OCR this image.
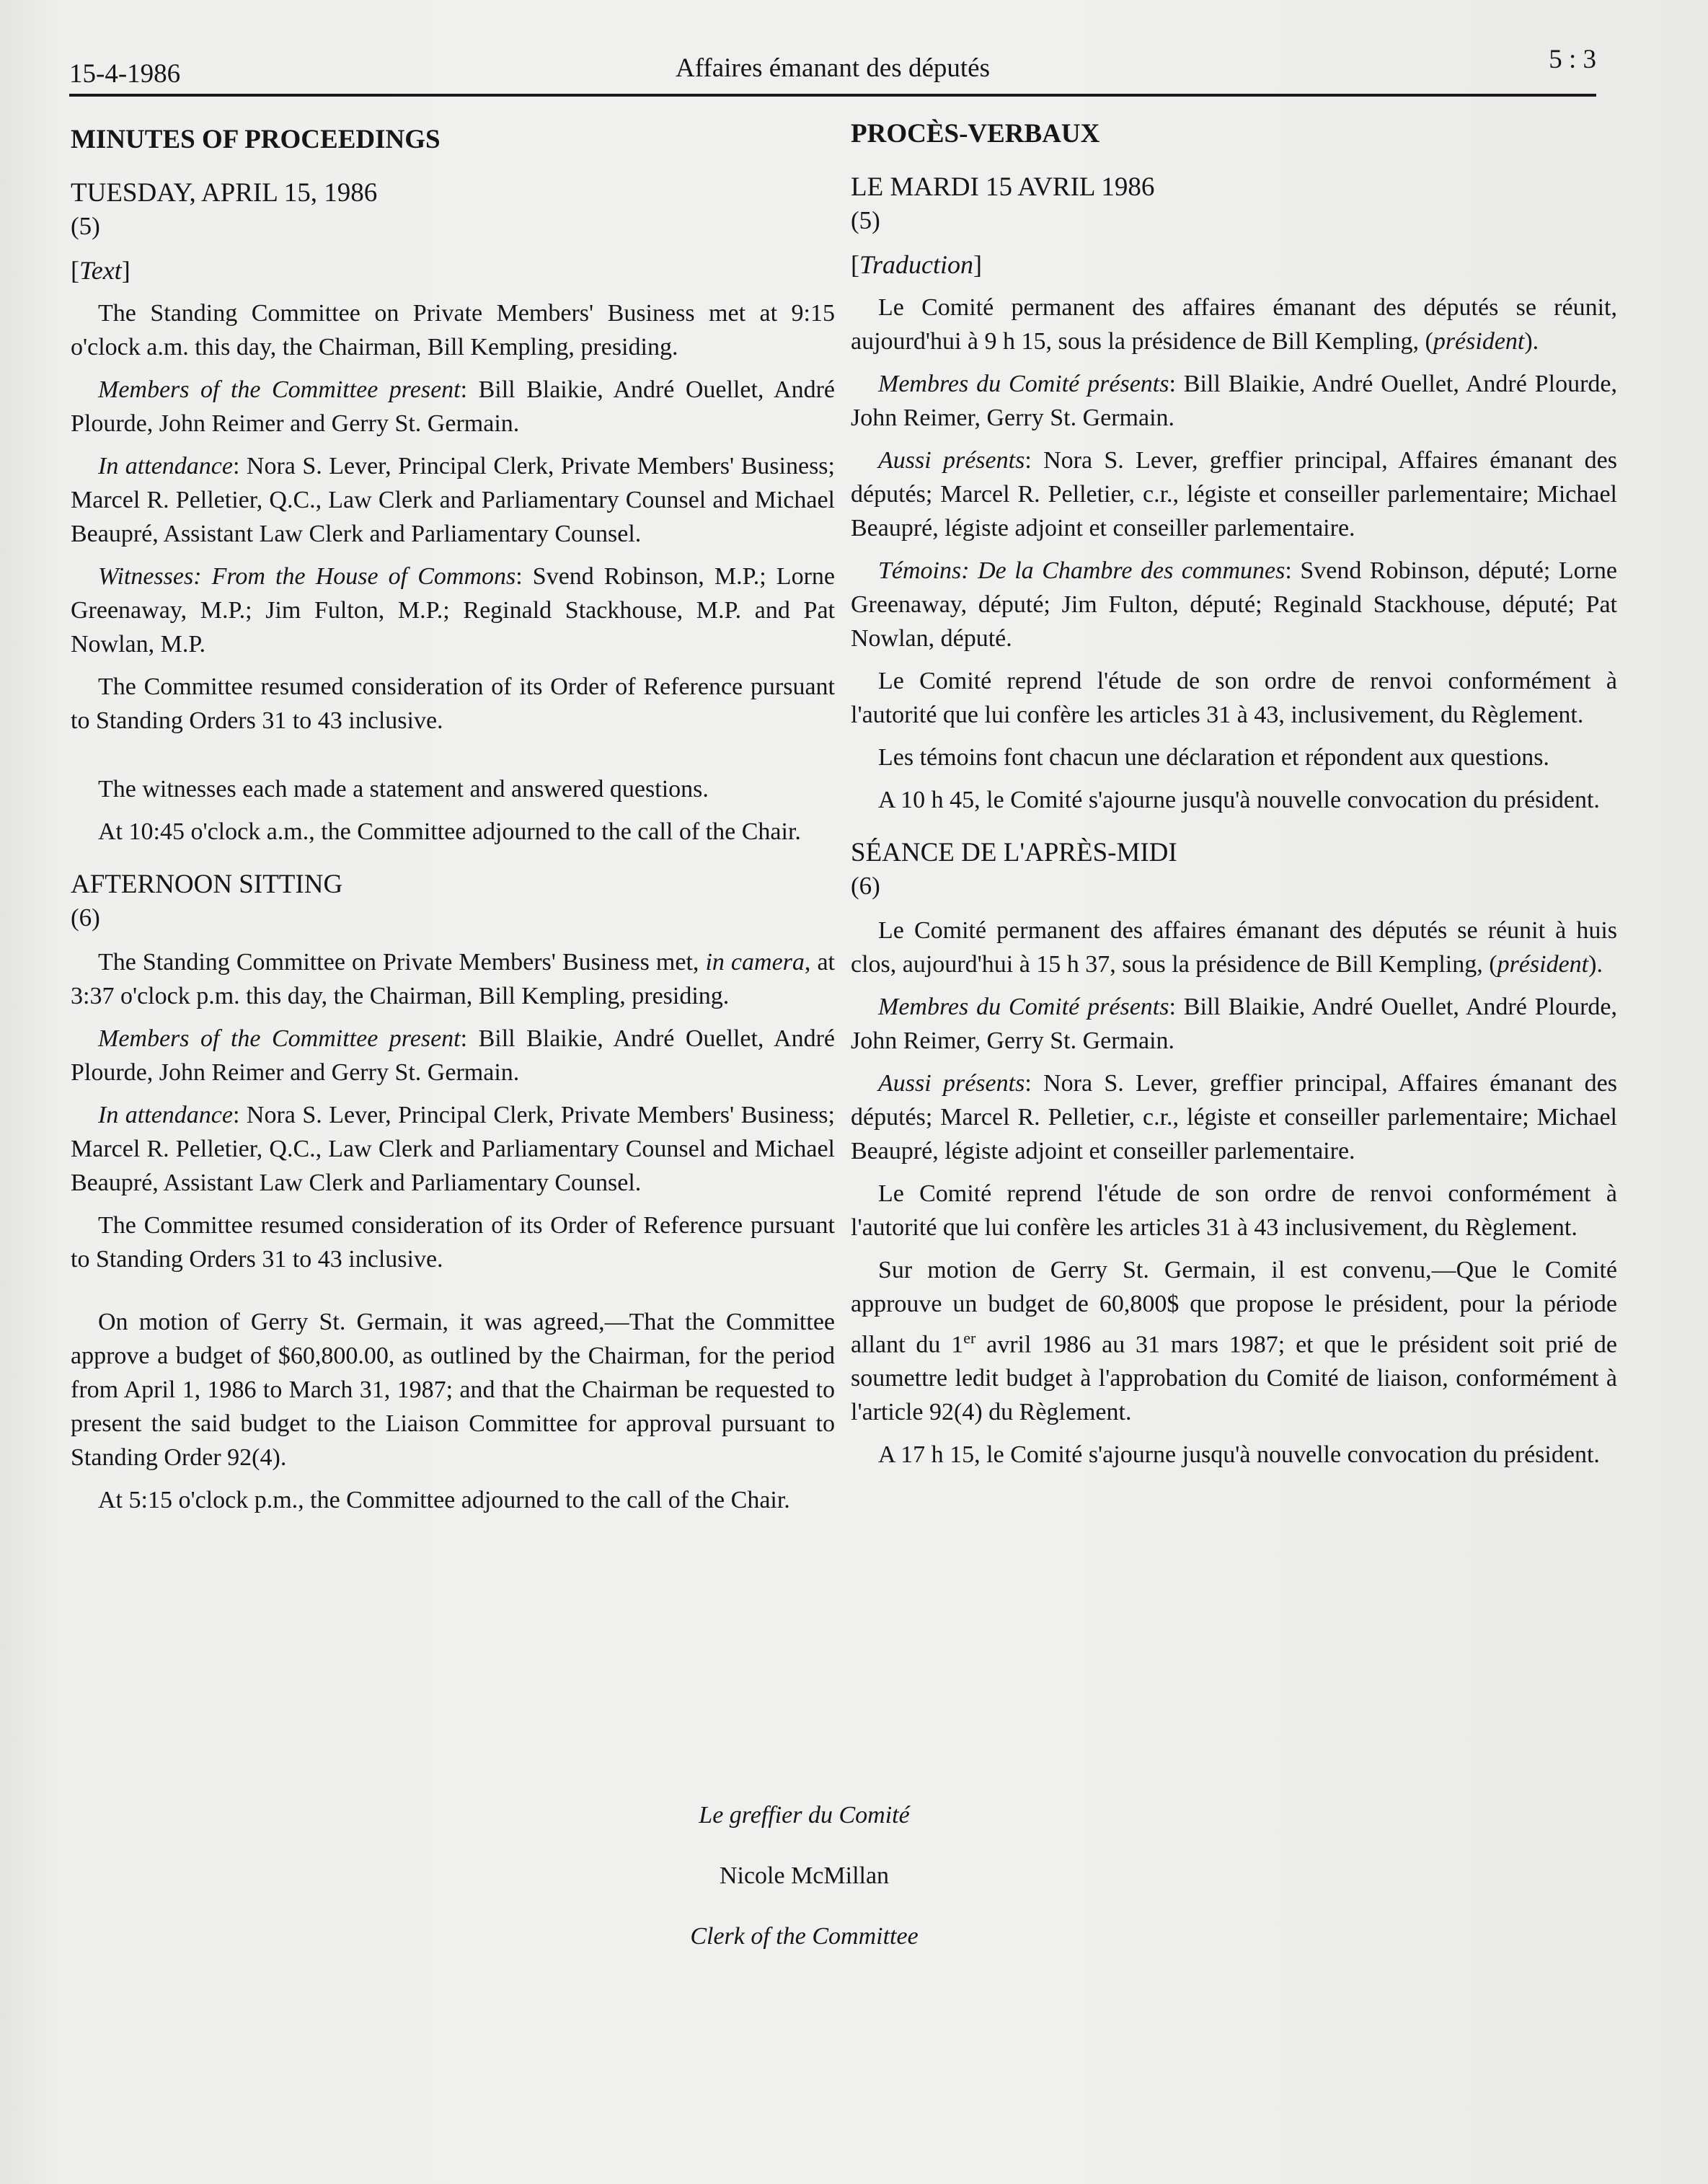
15-4-1986	Affaires émanant des députés	5 : 3
MINUTES OF PROCEEDINGS
TUESDAY, APRIL 15, 1986
(5)
[Text]

The Standing Committee on Private Members' Business met at 9:15 o'clock a.m. this day, the Chairman, Bill Kempling, presiding.

Members of the Committee present: Bill Blaikie, André Ouellet, André Plourde, John Reimer and Gerry St. Germain.

In attendance: Nora S. Lever, Principal Clerk, Private Members' Business; Marcel R. Pelletier, Q.C., Law Clerk and Parliamentary Counsel and Michael Beaupré, Assistant Law Clerk and Parliamentary Counsel.

Witnesses: From the House of Commons: Svend Robinson, M.P.; Lorne Greenaway, M.P.; Jim Fulton, M.P.; Reginald Stackhouse, M.P. and Pat Nowlan, M.P.

The Committee resumed consideration of its Order of Reference pursuant to Standing Orders 31 to 43 inclusive.

The witnesses each made a statement and answered questions.

At 10:45 o'clock a.m., the Committee adjourned to the call of the Chair.

AFTERNOON SITTING
(6)

The Standing Committee on Private Members' Business met, in camera, at 3:37 o'clock p.m. this day, the Chairman, Bill Kempling, presiding.

Members of the Committee present: Bill Blaikie, André Ouellet, André Plourde, John Reimer and Gerry St. Germain.

In attendance: Nora S. Lever, Principal Clerk, Private Members' Business; Marcel R. Pelletier, Q.C., Law Clerk and Parliamentary Counsel and Michael Beaupré, Assistant Law Clerk and Parliamentary Counsel.

The Committee resumed consideration of its Order of Reference pursuant to Standing Orders 31 to 43 inclusive.

On motion of Gerry St. Germain, it was agreed,—That the Committee approve a budget of $60,800.00, as outlined by the Chairman, for the period from April 1, 1986 to March 31, 1987; and that the Chairman be requested to present the said budget to the Liaison Committee for approval pursuant to Standing Order 92(4).

At 5:15 o'clock p.m., the Committee adjourned to the call of the Chair.

PROCÈS-VERBAUX
LE MARDI 15 AVRIL 1986
(5)
[Traduction]

Le Comité permanent des affaires émanant des députés se réunit, aujourd'hui à 9 h 15, sous la présidence de Bill Kempling, (président).

Membres du Comité présents: Bill Blaikie, André Ouellet, André Plourde, John Reimer, Gerry St. Germain.

Aussi présents: Nora S. Lever, greffier principal, Affaires émanant des députés; Marcel R. Pelletier, c.r., légiste et conseiller parlementaire; Michael Beaupré, légiste adjoint et conseiller parlementaire.

Témoins: De la Chambre des communes: Svend Robinson, député; Lorne Greenaway, député; Jim Fulton, député; Reginald Stackhouse, député; Pat Nowlan, député.

Le Comité reprend l'étude de son ordre de renvoi conformément à l'autorité que lui confère les articles 31 à 43, inclusivement, du Règlement.

Les témoins font chacun une déclaration et répondent aux questions.

A 10 h 45, le Comité s'ajourne jusqu'à nouvelle convocation du président.

SÉANCE DE L'APRÈS-MIDI
(6)

Le Comité permanent des affaires émanant des députés se réunit à huis clos, aujourd'hui à 15 h 37, sous la présidence de Bill Kempling, (président).

Membres du Comité présents: Bill Blaikie, André Ouellet, André Plourde, John Reimer, Gerry St. Germain.

Aussi présents: Nora S. Lever, greffier principal, Affaires émanant des députés; Marcel R. Pelletier, c.r., légiste et conseiller parlementaire; Michael Beaupré, légiste adjoint et conseiller parlementaire.

Le Comité reprend l'étude de son ordre de renvoi conformément à l'autorité que lui confère les articles 31 à 43 inclusivement, du Règlement.

Sur motion de Gerry St. Germain, il est convenu,—Que le Comité approuve un budget de 60,800$ que propose le président, pour la période allant du 1er avril 1986 au 31 mars 1987; et que le président soit prié de soumettre ledit budget à l'approbation du Comité de liaison, conformément à l'article 92(4) du Règlement.

A 17 h 15, le Comité s'ajourne jusqu'à nouvelle convocation du président.

Le greffier du Comité
Nicole McMillan
Clerk of the Committee
